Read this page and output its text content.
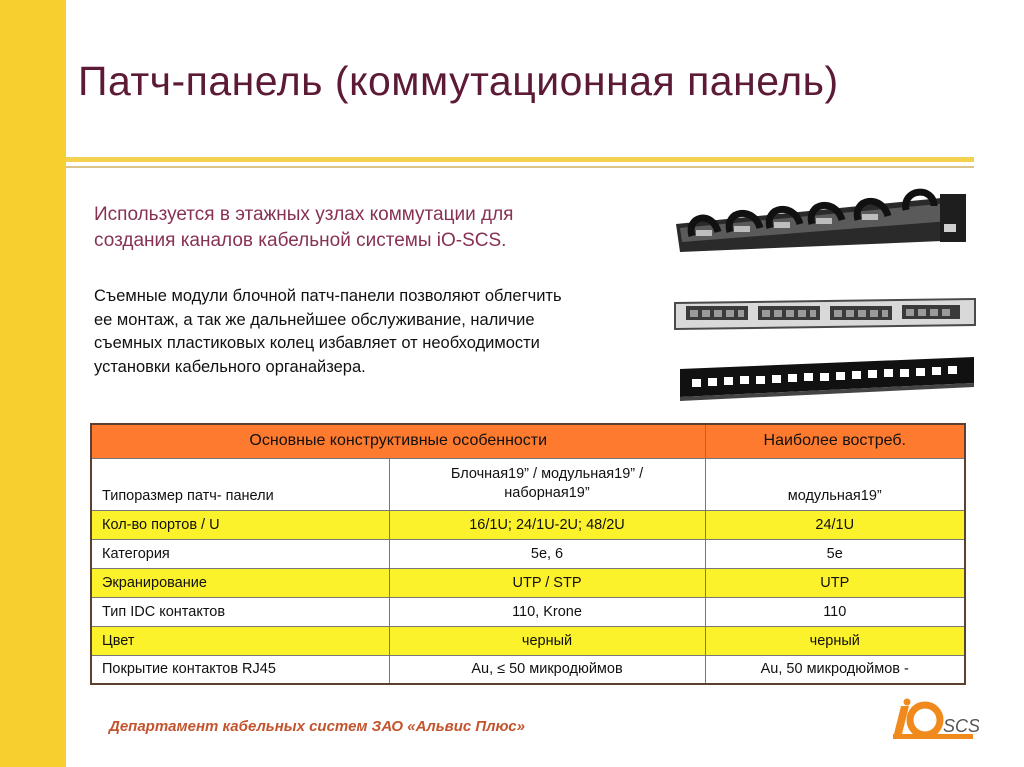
Патч-панель (коммутационная панель)
Используется в этажных узлах коммутации для
создания каналов кабельной системы iO-SCS.
Съемные модули блочной патч-панели позволяют облегчить
ее монтаж, а так же дальнейшее обслуживание, наличие
съемных пластиковых колец избавляет от необходимости
установки кабельного органайзера.
Основные конструктивные особенности		Наиболее востреб.
Типоразмер патч- панели	Блочная19” / модульная19” /
наборная19”	модульная19”
Кол-во портов / U	16/1U; 24/1U-2U; 48/2U	24/1U
Категория	5e, 6	5e
Экранирование	UTP / STP	UTP
Тип IDC контактов	110, Krone	110
Цвет	черный	черный
Покрытие контактов RJ45	Au, ≤ 50 микродюймов	Au, 50 микродюймов -
Департамент кабельных систем ЗАО «Альвис Плюс»	SCS
